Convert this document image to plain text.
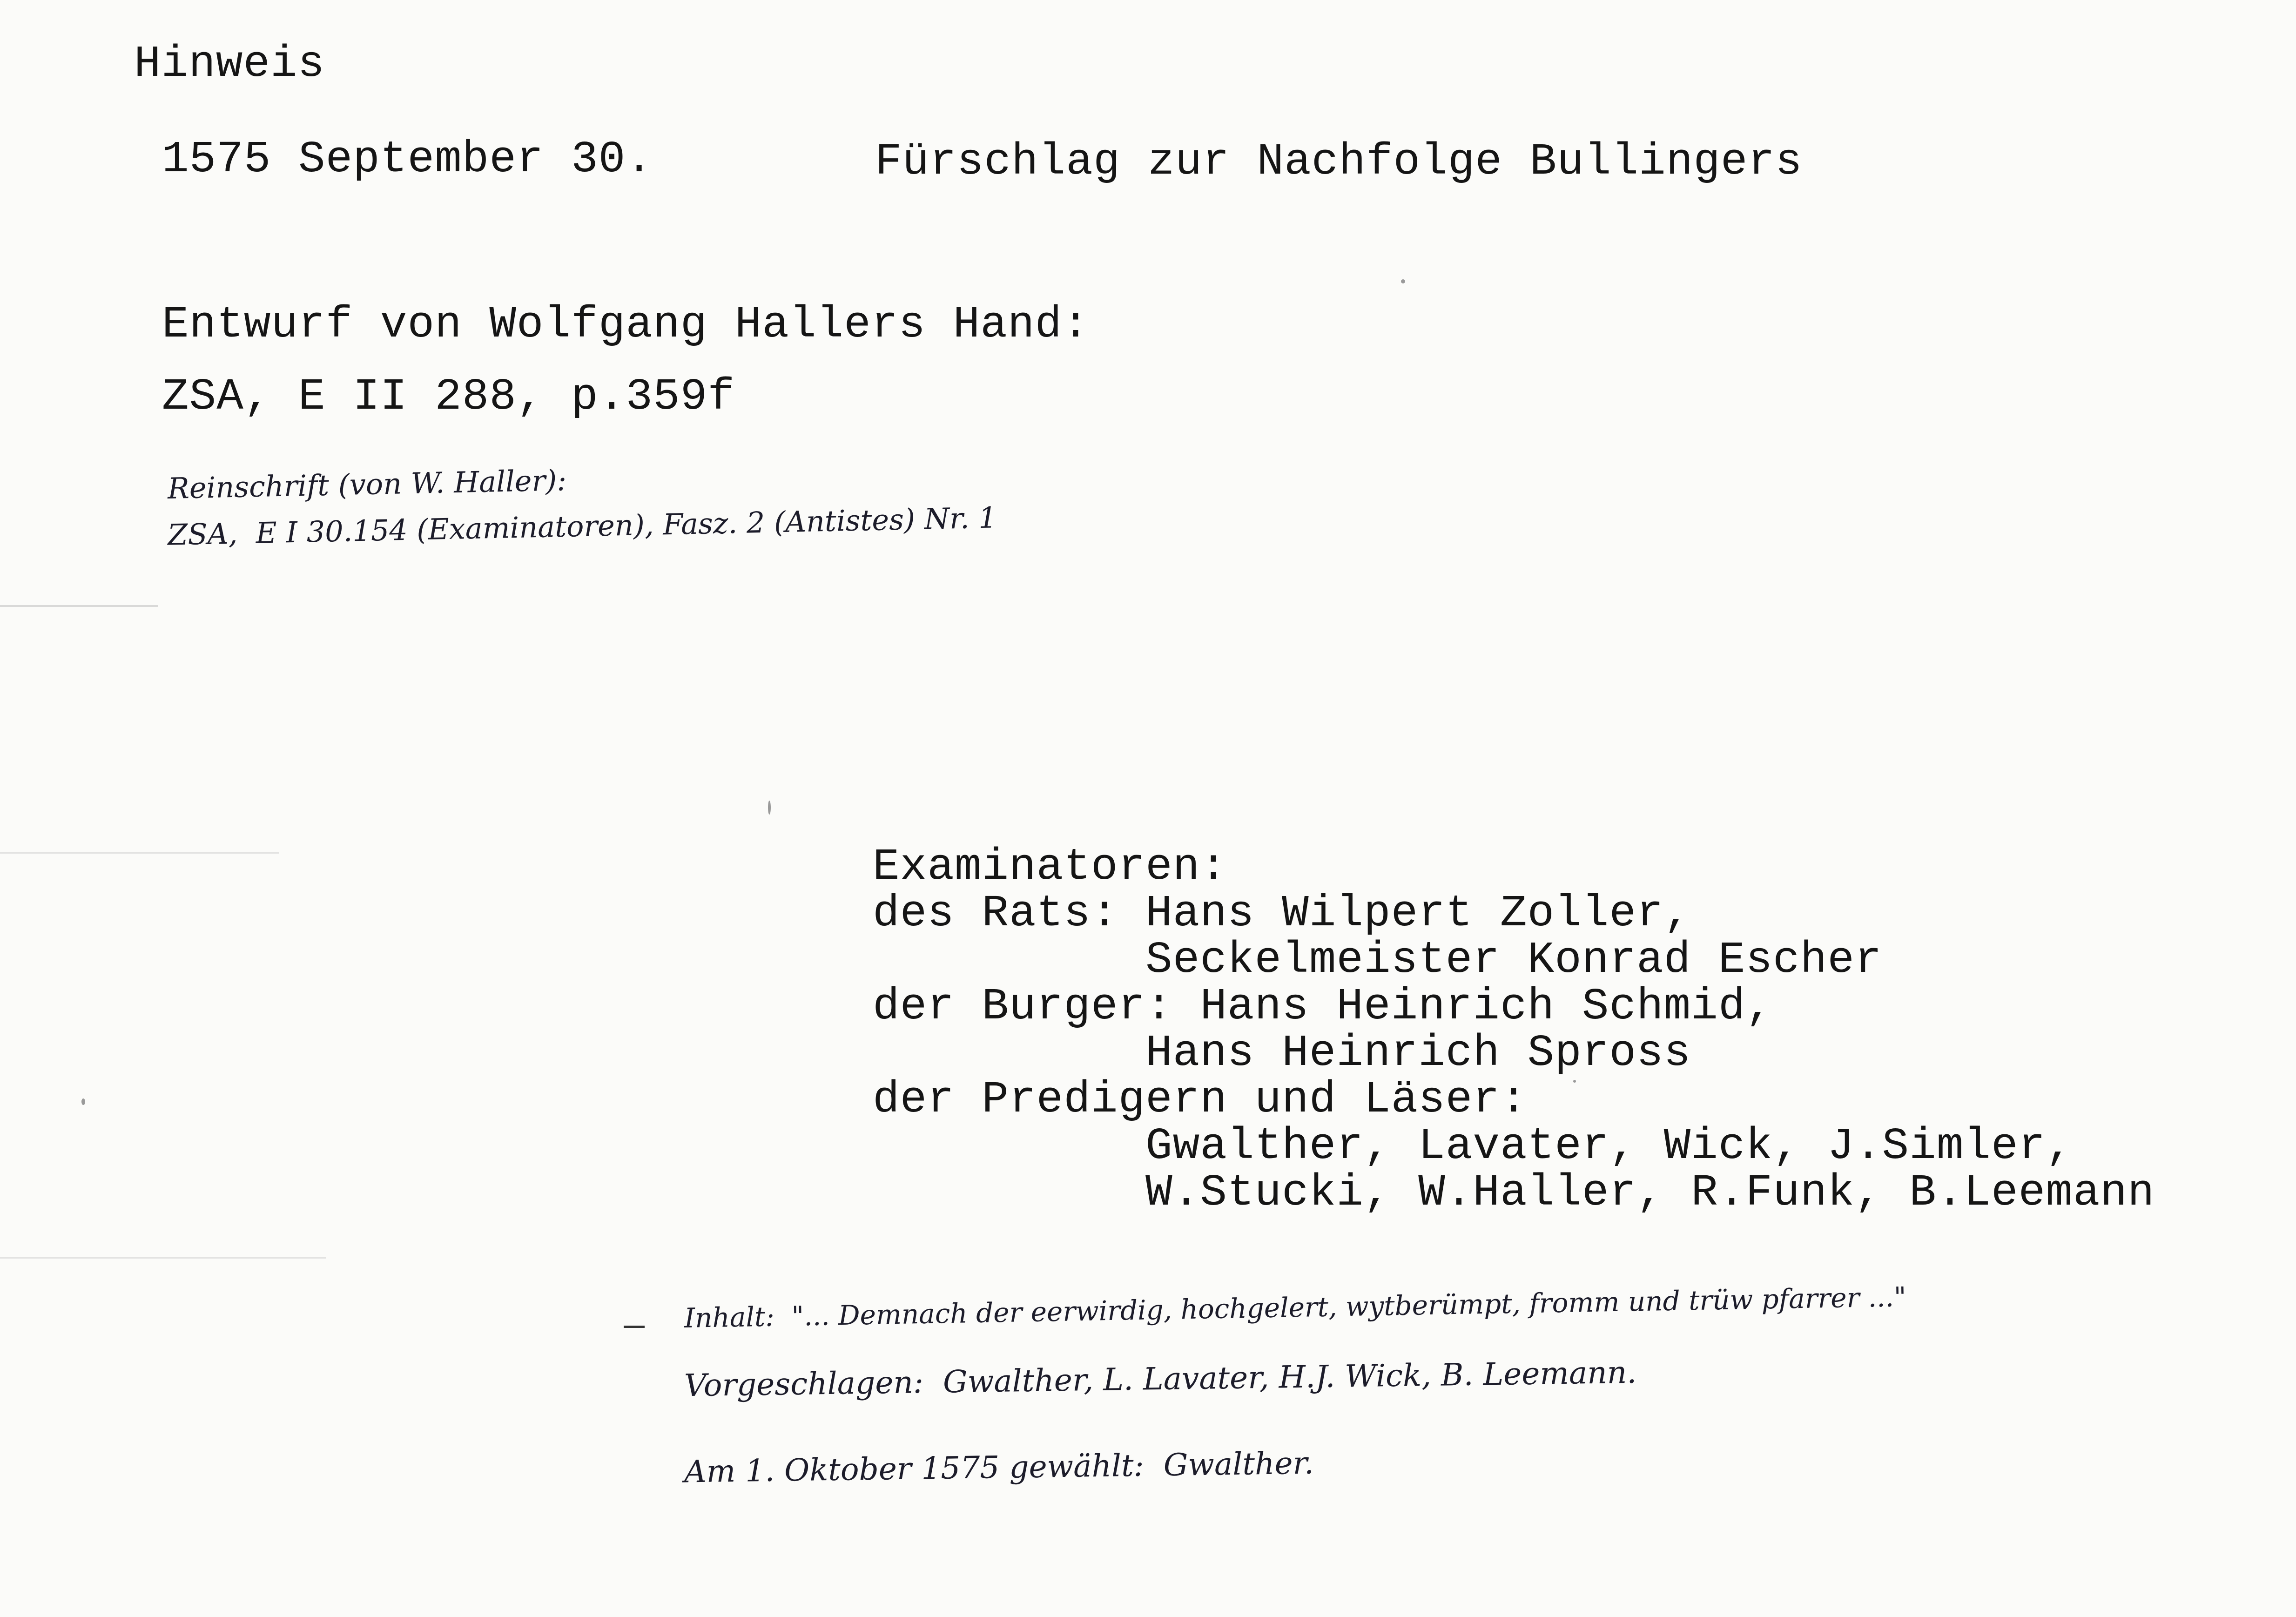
Hinweis
1575 September 30.	Fürschlag zur Nachfolge Bullingers
Entwurf von Wolfgang Hallers Hand:
ZSA, E II 288, p.359f
Reinschrift (von W. Haller):
ZSA,  E I 30.154 (Examinatoren), Fasz. 2 (Antistes) Nr. 1
Examinatoren:
des Rats: Hans Wilpert Zoller,
Seckelmeister Konrad Escher
der Burger: Hans Heinrich Schmid,
Hans Heinrich Spross
der Predigern und Läser:
Gwalther, Lavater, Wick, J.Simler,
W.Stucki, W.Haller, R.Funk, B.Leemann
Inhalt:  "... Demnach der eerwirdig, hochgelert, wytberümpt, fromm und trüw pfarrer ..."
Vorgeschlagen:  Gwalther, L. Lavater, H.J. Wick, B. Leemann.
Am 1. Oktober 1575 gewählt:  Gwalther.
